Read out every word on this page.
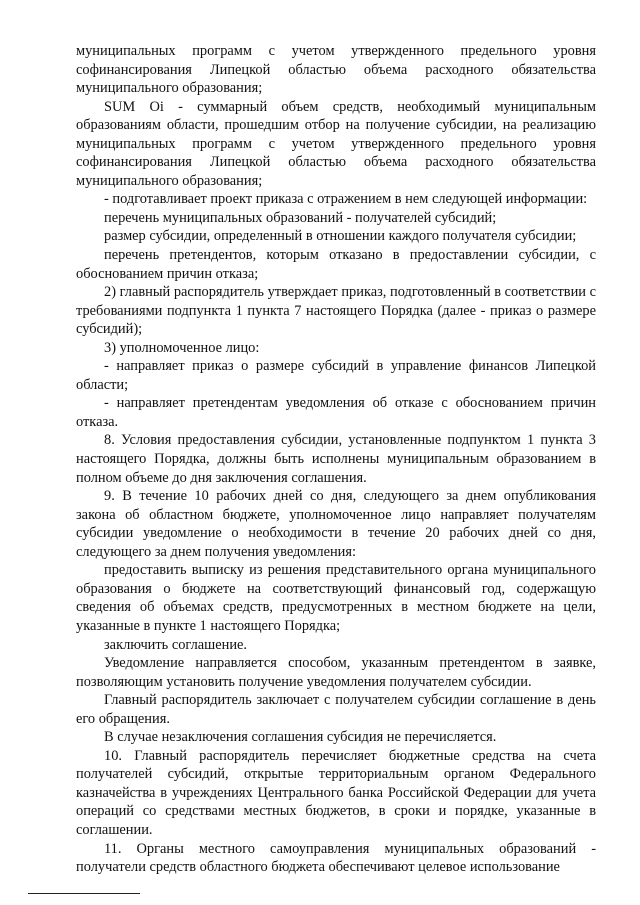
муниципальных программ с учетом утвержденного предельного уровня софинансирования Липецкой областью объема расходного обязательства муниципального образования;

SUM Oi - суммарный объем средств, необходимый муниципальным образованиям области, прошедшим отбор на получение субсидии, на реализацию муниципальных программ с учетом утвержденного предельного уровня софинансирования Липецкой областью объема расходного обязательства муниципального образования;

- подготавливает проект приказа с отражением в нем следующей информации:

перечень муниципальных образований - получателей субсидий;

размер субсидии, определенный в отношении каждого получателя субсидии;

перечень претендентов, которым отказано в предоставлении субсидии, с обоснованием причин отказа;

2) главный распорядитель утверждает приказ, подготовленный в соответствии с требованиями подпункта 1 пункта 7 настоящего Порядка (далее - приказ о размере субсидий);

3) уполномоченное лицо:

- направляет приказ о размере субсидий в управление финансов Липецкой области;

- направляет претендентам уведомления об отказе с обоснованием причин отказа.

8. Условия предоставления субсидии, установленные подпунктом 1 пункта 3 настоящего Порядка, должны быть исполнены муниципальным образованием в полном объеме до дня заключения соглашения.

9. В течение 10 рабочих дней со дня, следующего за днем опубликования закона об областном бюджете, уполномоченное лицо направляет получателям субсидии уведомление о необходимости в течение 20 рабочих дней со дня, следующего за днем получения уведомления:

предоставить выписку из решения представительного органа муниципального образования о бюджете на соответствующий финансовый год, содержащую сведения об объемах средств, предусмотренных в местном бюджете на цели, указанные в пункте 1 настоящего Порядка;

заключить соглашение.

Уведомление направляется способом, указанным претендентом в заявке, позволяющим установить получение уведомления получателем субсидии.

Главный распорядитель заключает с получателем субсидии соглашение в день его обращения.

В случае незаключения соглашения субсидия не перечисляется.

10. Главный распорядитель перечисляет бюджетные средства на счета получателей субсидий, открытые территориальным органом Федерального казначейства в учреждениях Центрального банка Российской Федерации для учета операций со средствами местных бюджетов, в сроки и порядке, указанные в соглашении.

11. Органы местного самоуправления муниципальных образований - получатели средств областного бюджета обеспечивают целевое использование
